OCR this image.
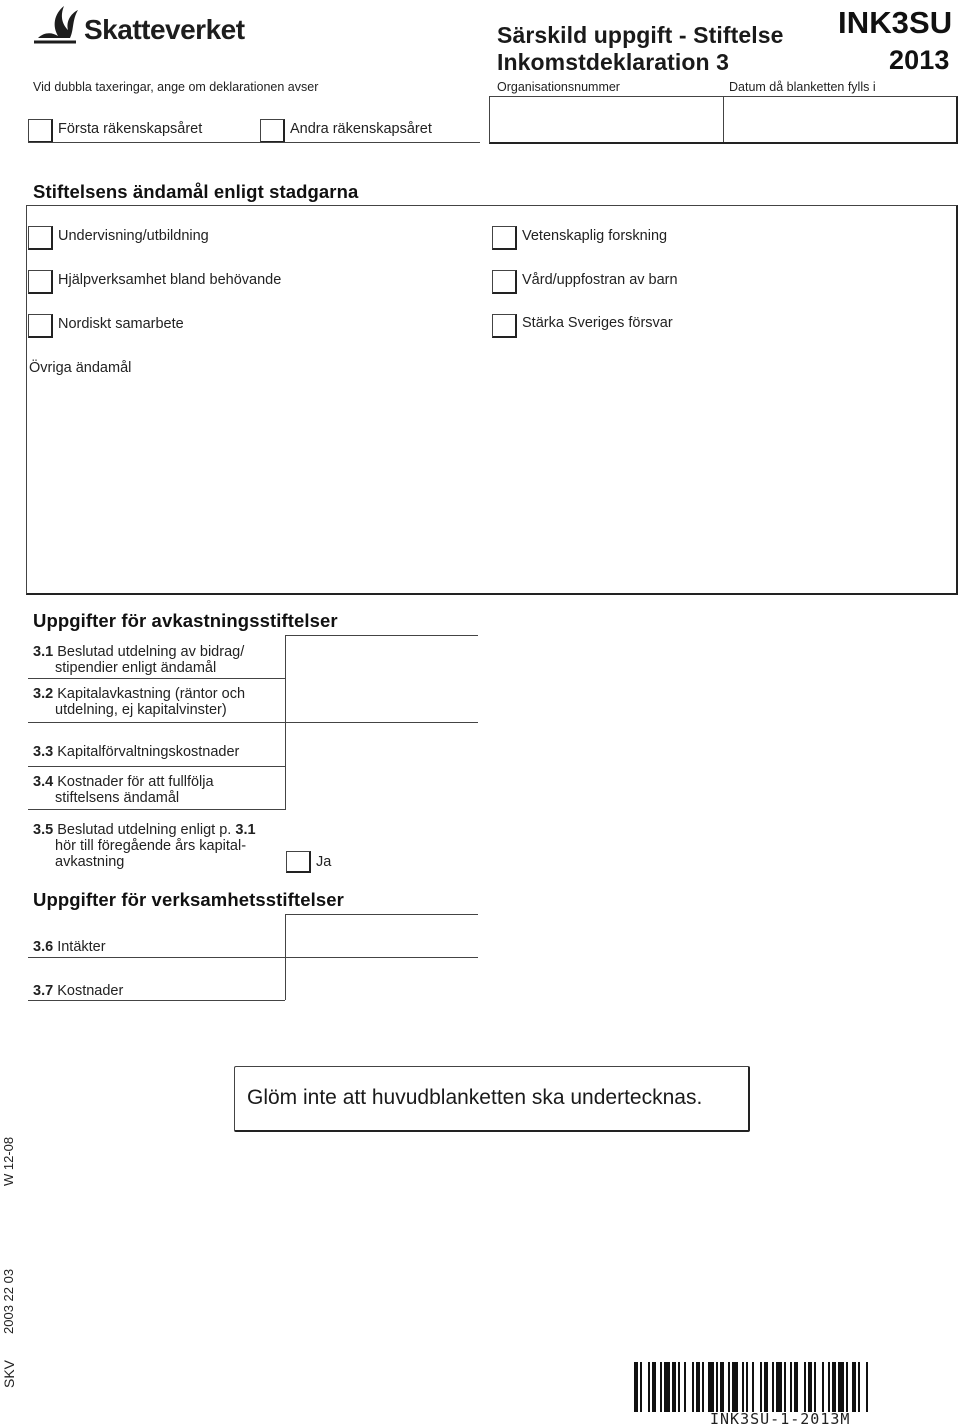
Skatteverket	Särskild uppgift - Stiftelse
Inkomstdeklaration 3
INK3SU
2013
Vid dubbla taxeringar, ange om deklarationen avser	Organisationsnummer	Datum då blanketten fylls i
Första räkenskapsåret	Andra räkenskapsåret
Stiftelsens ändamål enligt stadgarna
Undervisning/utbildning
Hjälpverksamhet bland behövande
Nordiskt samarbete
Vetenskaplig forskning
Vård/uppfostran av barn
Stärka Sveriges försvar
Övriga ändamål
Uppgifter för avkastningsstiftelser
3.1 Beslutad utdelning av bidrag/
stipendier enligt ändamål
3.2 Kapitalavkastning (räntor och
utdelning, ej kapitalvinster)
3.3 Kapitalförvaltningskostnader
3.4 Kostnader för att fullfölja
stiftelsens ändamål
3.5 Beslutad utdelning enligt p. 3.1
hör till föregående års kapital-
avkastning	Ja
Uppgifter för verksamhetsstiftelser
3.6 Intäkter
3.7 Kostnader
Glöm inte att huvudblanketten ska undertecknas.
W 12-08
2003 22 03
SKV
INK3SU-1-2013M
